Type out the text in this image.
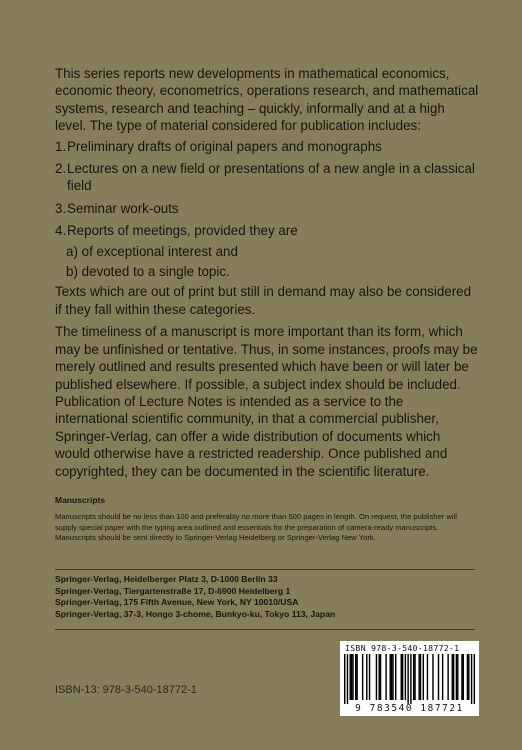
This series reports new developments in mathematical economics, economic theory, econometrics, operations research, and mathematical systems, research and teaching – quickly, informally and at a high level. The type of material considered for publication includes:

1. Preliminary drafts of original papers and monographs
2. Lectures on a new field or presentations of a new angle in a classical field
3. Seminar work-outs
4. Reports of meetings, provided they are
a) of exceptional interest and
b) devoted to a single topic.

Texts which are out of print but still in demand may also be considered if they fall within these categories.

The timeliness of a manuscript is more important than its form, which may be unfinished or tentative. Thus, in some instances, proofs may be merely outlined and results presented which have been or will later be published elsewhere. If possible, a subject index should be included. Publication of Lecture Notes is intended as a service to the international scientific community, in that a commercial publisher, Springer-Verlag, can offer a wide distribution of documents which would otherwise have a restricted readership. Once published and copyrighted, they can be documented in the scientific literature.

Manuscripts
Manuscripts should be no less than 100 and preferably no more than 500 pages in length. On request, the publisher will supply special paper with the typing area outlined and essentials for the preparation of camera-ready manuscripts. Manuscripts should be sent directly to Springer-Verlag Heidelberg or Springer-Verlag New York.
Springer-Verlag, Heidelberger Platz 3, D-1000 Berlin 33
Springer-Verlag, Tiergartenstraße 17, D-6900 Heidelberg 1
Springer-Verlag, 175 Fifth Avenue, New York, NY 10010/USA
Springer-Verlag, 37-3, Hongo 3-chome, Bunkyo-ku, Tokyo 113, Japan
ISBN-13: 978-3-540-18772-1
ISBN 978-3-540-18772-1
9 783540 187721
